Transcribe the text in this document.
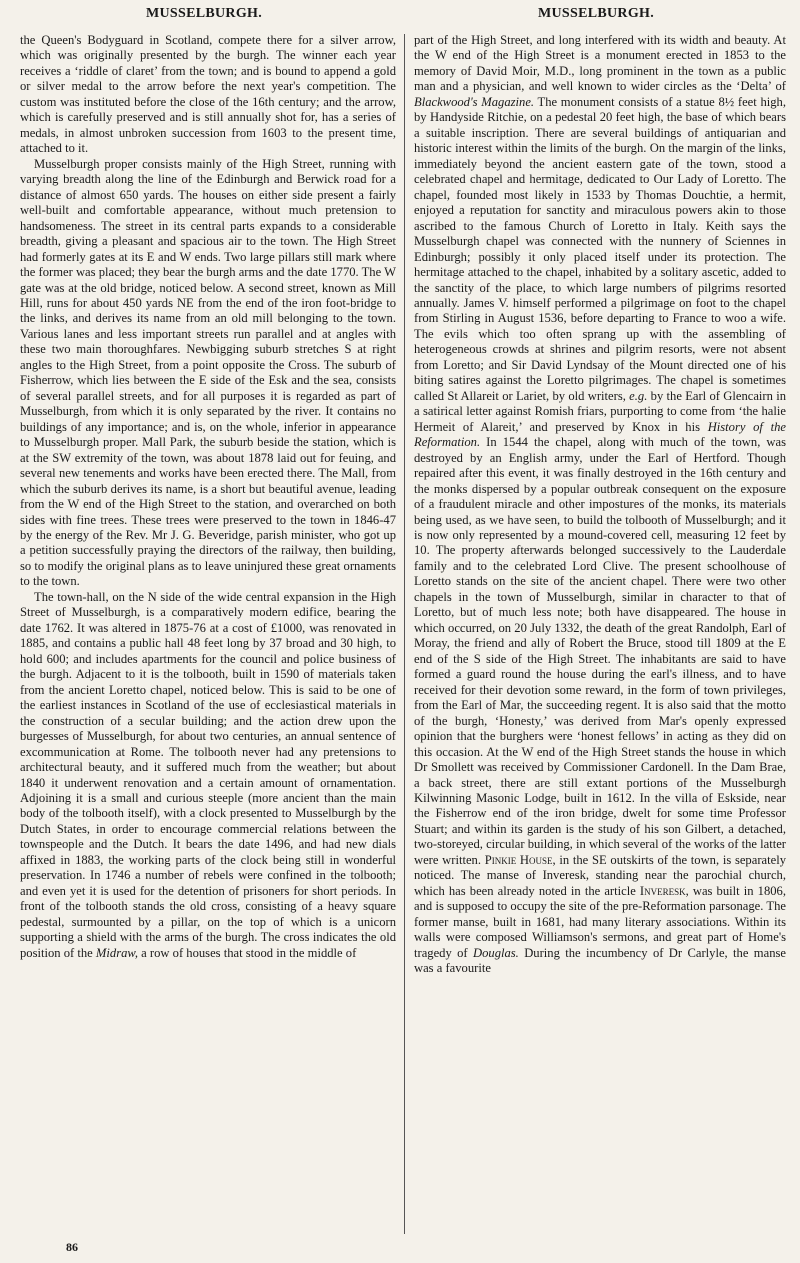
MUSSELBURGH.	MUSSELBURGH.

the Queen's Bodyguard in Scotland, compete there for a silver arrow, which was originally presented by the burgh. The winner each year receives a ‘riddle of claret’ from the town; and is bound to append a gold or silver medal to the arrow before the next year's competition. The custom was instituted before the close of the 16th century; and the arrow, which is carefully preserved and is still annually shot for, has a series of medals, in almost unbroken succession from 1603 to the present time, attached to it.

Musselburgh proper consists mainly of the High Street, running with varying breadth along the line of the Edinburgh and Berwick road for a distance of almost 650 yards. The houses on either side present a fairly well-built and comfortable appearance, without much pretension to handsomeness. The street in its central parts expands to a considerable breadth, giving a pleasant and spacious air to the town. The High Street had formerly gates at its E and W ends. Two large pillars still mark where the former was placed; they bear the burgh arms and the date 1770. The W gate was at the old bridge, noticed below. A second street, known as Mill Hill, runs for about 450 yards NE from the end of the iron foot-bridge to the links, and derives its name from an old mill belonging to the town. Various lanes and less important streets run parallel and at angles with these two main thoroughfares. Newbigging suburb stretches S at right angles to the High Street, from a point opposite the Cross. The suburb of Fisherrow, which lies between the E side of the Esk and the sea, consists of several parallel streets, and for all purposes it is regarded as part of Musselburgh, from which it is only separated by the river. It contains no buildings of any importance; and is, on the whole, inferior in appearance to Musselburgh proper. Mall Park, the suburb beside the station, which is at the SW extremity of the town, was about 1878 laid out for feuing, and several new tenements and works have been erected there. The Mall, from which the suburb derives its name, is a short but beautiful avenue, leading from the W end of the High Street to the station, and overarched on both sides with fine trees. These trees were preserved to the town in 1846-47 by the energy of the Rev. Mr J. G. Beveridge, parish minister, who got up a petition successfully praying the directors of the railway, then building, so to modify the original plans as to leave uninjured these great ornaments to the town.

The town-hall, on the N side of the wide central expansion in the High Street of Musselburgh, is a comparatively modern edifice, bearing the date 1762. It was altered in 1875-76 at a cost of £1000, was renovated in 1885, and contains a public hall 48 feet long by 37 broad and 30 high, to hold 600; and includes apartments for the council and police business of the burgh. Adjacent to it is the tolbooth, built in 1590 of materials taken from the ancient Loretto chapel, noticed below. This is said to be one of the earliest instances in Scotland of the use of ecclesiastical materials in the construction of a secular building; and the action drew upon the burgesses of Musselburgh, for about two centuries, an annual sentence of excommunication at Rome. The tolbooth never had any pretensions to architectural beauty, and it suffered much from the weather; but about 1840 it underwent renovation and a certain amount of ornamentation. Adjoining it is a small and curious steeple (more ancient than the main body of the tolbooth itself), with a clock presented to Musselburgh by the Dutch States, in order to encourage commercial relations between the townspeople and the Dutch. It bears the date 1496, and had new dials affixed in 1883, the working parts of the clock being still in wonderful preservation. In 1746 a number of rebels were confined in the tolbooth; and even yet it is used for the detention of prisoners for short periods. In front of the tolbooth stands the old cross, consisting of a heavy square pedestal, surmounted by a pillar, on the top of which is a unicorn supporting a shield with the arms of the burgh. The cross indicates the old position of the Midraw, a row of houses that stood in the middle of

part of the High Street, and long interfered with its width and beauty. At the W end of the High Street is a monument erected in 1853 to the memory of David Moir, M.D., long prominent in the town as a public man and a physician, and well known to wider circles as the ‘Delta’ of Blackwood's Magazine. The monument consists of a statue 8½ feet high, by Handyside Ritchie, on a pedestal 20 feet high, the base of which bears a suitable inscription. There are several buildings of antiquarian and historic interest within the limits of the burgh. On the margin of the links, immediately beyond the ancient eastern gate of the town, stood a celebrated chapel and hermitage, dedicated to Our Lady of Loretto. The chapel, founded most likely in 1533 by Thomas Douchtie, a hermit, enjoyed a reputation for sanctity and miraculous powers akin to those ascribed to the famous Church of Loretto in Italy. Keith says the Musselburgh chapel was connected with the nunnery of Sciennes in Edinburgh; possibly it only placed itself under its protection. The hermitage attached to the chapel, inhabited by a solitary ascetic, added to the sanctity of the place, to which large numbers of pilgrims resorted annually. James V. himself performed a pilgrimage on foot to the chapel from Stirling in August 1536, before departing to France to woo a wife. The evils which too often sprang up with the assembling of heterogeneous crowds at shrines and pilgrim resorts, were not absent from Loretto; and Sir David Lyndsay of the Mount directed one of his biting satires against the Loretto pilgrimages. The chapel is sometimes called St Allareit or Lariet, by old writers, e.g. by the Earl of Glencairn in a satirical letter against Romish friars, purporting to come from ‘the halie Hermeit of Alareit,’ and preserved by Knox in his History of the Reformation. In 1544 the chapel, along with much of the town, was destroyed by an English army, under the Earl of Hertford. Though repaired after this event, it was finally destroyed in the 16th century and the monks dispersed by a popular outbreak consequent on the exposure of a fraudulent miracle and other impostures of the monks, its materials being used, as we have seen, to build the tolbooth of Musselburgh; and it is now only represented by a mound-covered cell, measuring 12 feet by 10. The property afterwards belonged successively to the Lauderdale family and to the celebrated Lord Clive. The present schoolhouse of Loretto stands on the site of the ancient chapel. There were two other chapels in the town of Musselburgh, similar in character to that of Loretto, but of much less note; both have disappeared. The house in which occurred, on 20 July 1332, the death of the great Randolph, Earl of Moray, the friend and ally of Robert the Bruce, stood till 1809 at the E end of the S side of the High Street. The inhabitants are said to have formed a guard round the house during the earl's illness, and to have received for their devotion some reward, in the form of town privileges, from the Earl of Mar, the succeeding regent. It is also said that the motto of the burgh, ‘Honesty,’ was derived from Mar's openly expressed opinion that the burghers were ‘honest fellows’ in acting as they did on this occasion. At the W end of the High Street stands the house in which Dr Smollett was received by Commissioner Cardonell. In the Dam Brae, a back street, there are still extant portions of the Musselburgh Kilwinning Masonic Lodge, built in 1612. In the villa of Eskside, near the Fisherrow end of the iron bridge, dwelt for some time Professor Stuart; and within its garden is the study of his son Gilbert, a detached, two-storeyed, circular building, in which several of the works of the latter were written. Pinkie House, in the SE outskirts of the town, is separately noticed. The manse of Inveresk, standing near the parochial church, which has been already noted in the article Inveresk, was built in 1806, and is supposed to occupy the site of the pre-Reformation parsonage. The former manse, built in 1681, had many literary associations. Within its walls were composed Williamson's sermons, and great part of Home's tragedy of Douglas. During the incumbency of Dr Carlyle, the manse was a favourite

86
